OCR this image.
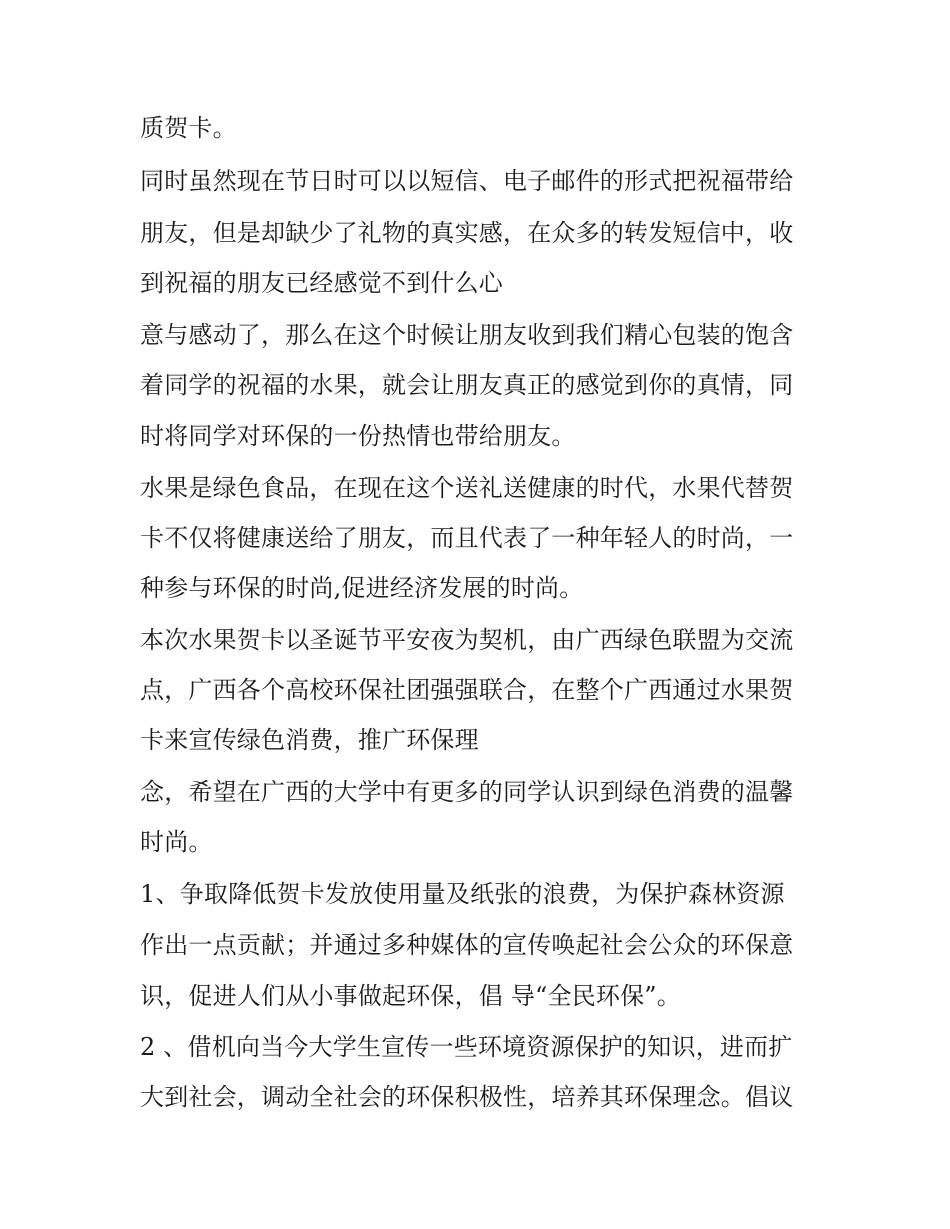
质贺卡。
同时虽然现在节日时可以以短信、电子邮件的形式把祝福带给
朋友，但是却缺少了礼物的真实感，在众多的转发短信中，收
到祝福的朋友已经感觉不到什么心
意与感动了，那么在这个时候让朋友收到我们精心包装的饱含
着同学的祝福的水果，就会让朋友真正的感觉到你的真情，同
时将同学对环保的一份热情也带给朋友。
水果是绿色食品，在现在这个送礼送健康的时代，水果代替贺
卡不仅将健康送给了朋友，而且代表了一种年轻人的时尚，一
种参与环保的时尚,促进经济发展的时尚。
本次水果贺卡以圣诞节平安夜为契机，由广西绿色联盟为交流
点，广西各个高校环保社团强强联合，在整个广西通过水果贺
卡来宣传绿色消费，推广环保理
念，希望在广西的大学中有更多的同学认识到绿色消费的温馨
时尚。
1、争取降低贺卡发放使用量及纸张的浪费，为保护森林资源
作出一点贡献；并通过多种媒体的宣传唤起社会公众的环保意
识，促进人们从小事做起环保，倡 导“全民环保”。
2 、借机向当今大学生宣传一些环境资源保护的知识，进而扩
大到社会，调动全社会的环保积极性，培养其环保理念。倡议
